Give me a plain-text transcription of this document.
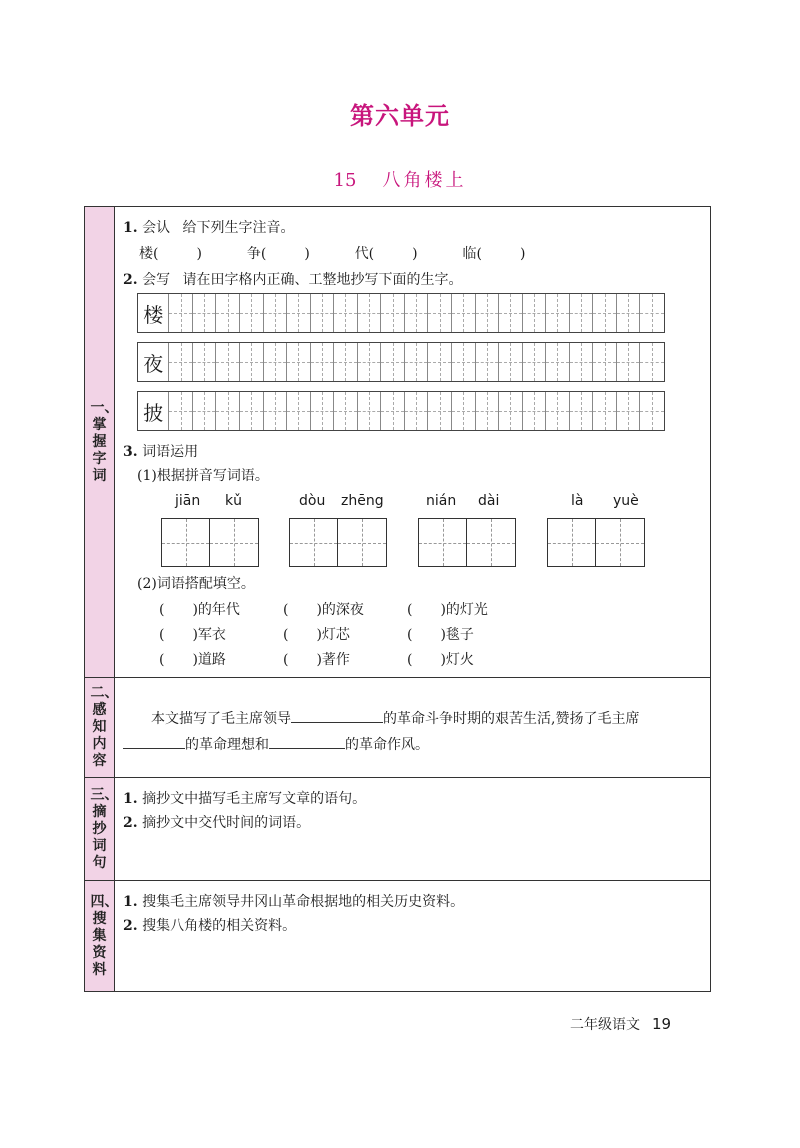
第六单元
15 八角楼上
一、掌握字词
1. 会认 给下列生字注音。
楼(	)	争(	)	代(	)	临(	)
2. 会写 请在田字格内正确、工整地抄写下面的生字。
楼
夜
披
3. 词语运用
(1)根据拼音写词语。
jiān kǔ	dòu zhēng	nián dài	là yuè
(2)词语搭配填空。
(　　)的年代	(　　)的深夜	(　　)的灯光
(　　)军衣	(　　)灯芯	(　　)毯子
(　　)道路	(　　)著作	(　　)灯火
二、感知内容
本文描写了毛主席领导	的革命斗争时期的艰苦生活,赞扬了毛主席
的革命理想和	的革命作风。
三、摘抄词句
1. 摘抄文中描写毛主席写文章的语句。
2. 摘抄文中交代时间的词语。
四、搜集资料
1. 搜集毛主席领导井冈山革命根据地的相关历史资料。
2. 搜集八角楼的相关资料。
二年级语文 19
